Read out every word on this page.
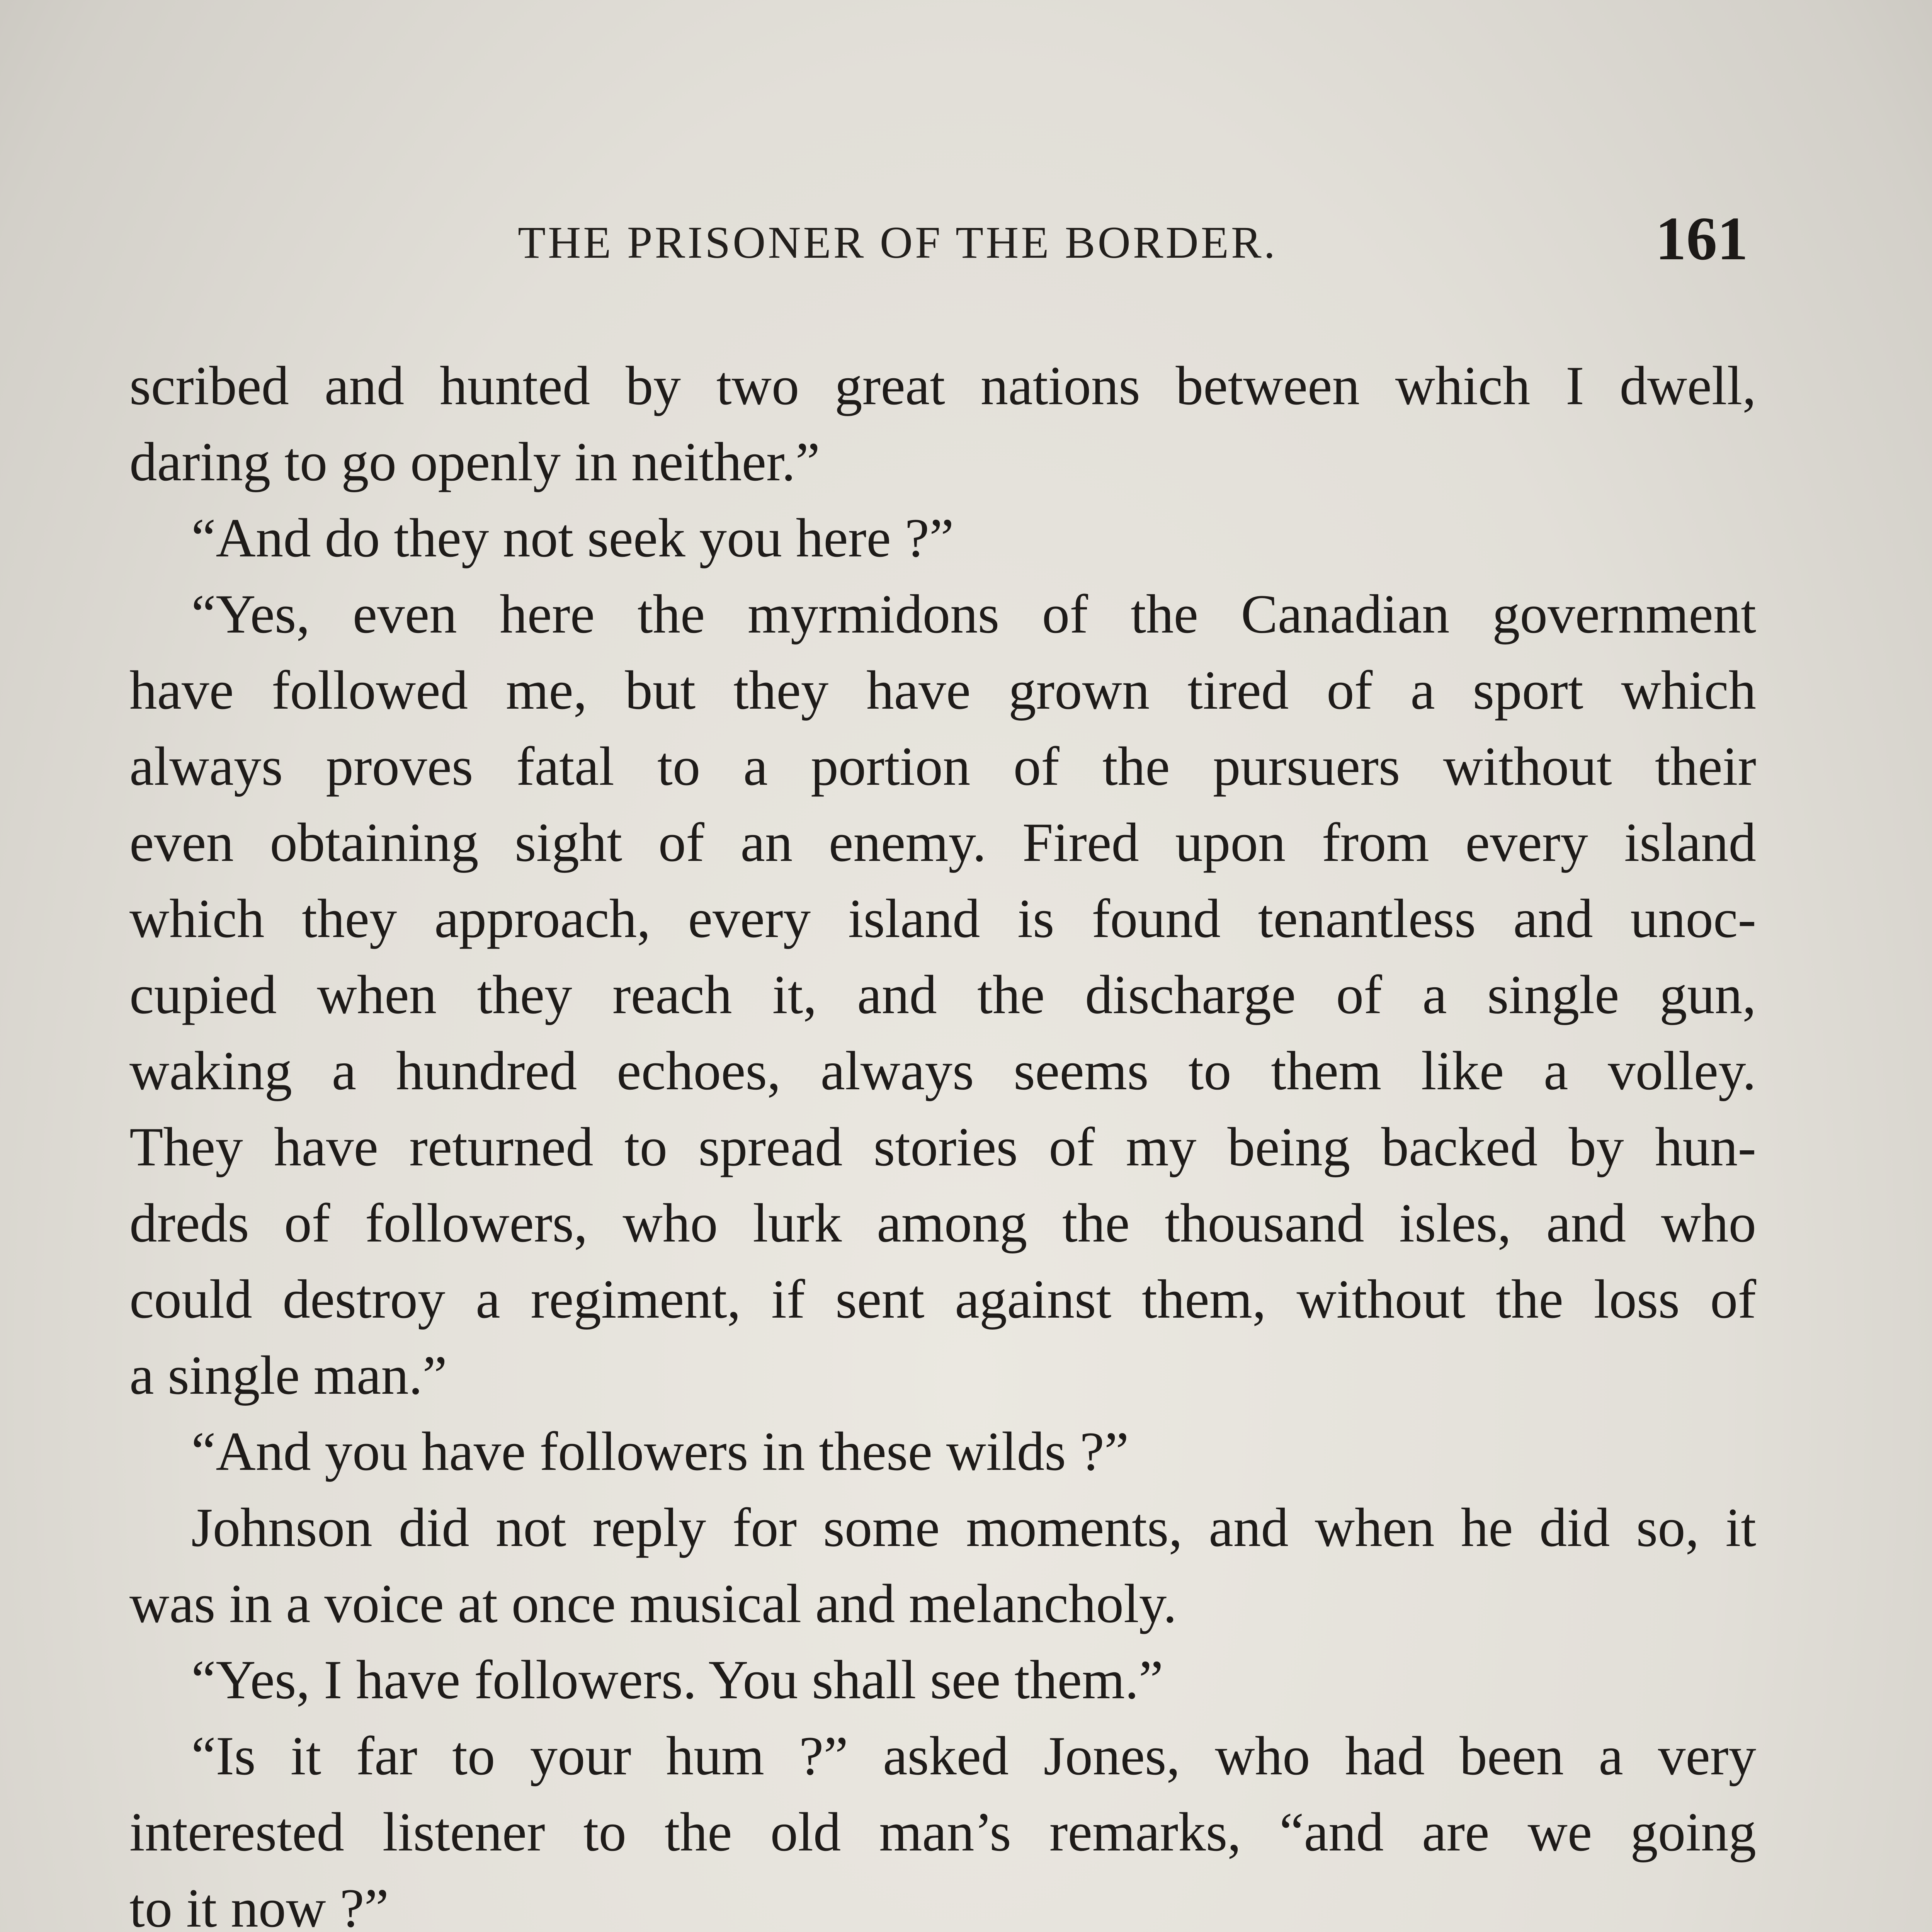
THE PRISONER OF THE BORDER.	161
scribed and hunted by two great nations between which I dwell,
daring to go openly in neither.”
“And do they not seek you here ?”
“Yes, even here the myrmidons of the Canadian government
have followed me, but they have grown tired of a sport which
always proves fatal to a portion of the pursuers without their
even obtaining sight of an enemy. Fired upon from every island
which they approach, every island is found tenantless and unoc-
cupied when they reach it, and the discharge of a single gun,
waking a hundred echoes, always seems to them like a volley.
They have returned to spread stories of my being backed by hun-
dreds of followers, who lurk among the thousand isles, and who
could destroy a regiment, if sent against them, without the loss of
a single man.”
“And you have followers in these wilds ?”
Johnson did not reply for some moments, and when he did so, it
was in a voice at once musical and melancholy.
“Yes, I have followers. You shall see them.”
“Is it far to your hum ?” asked Jones, who had been a very
interested listener to the old man’s remarks, “and are we going
to it now ?”
